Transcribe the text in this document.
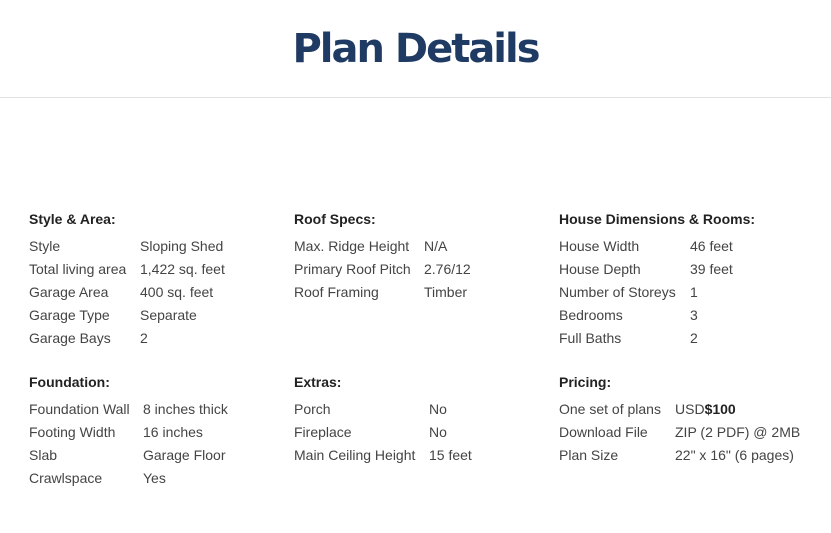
Plan Details
Style & Area:
Style	Sloping Shed
Total living area	1,422 sq. feet
Garage Area	400 sq. feet
Garage Type	Separate
Garage Bays	2
Roof Specs:
Max. Ridge Height	N/A
Primary Roof Pitch	2.76/12
Roof Framing	Timber
House Dimensions & Rooms:
House Width	46 feet
House Depth	39 feet
Number of Storeys	1
Bedrooms	3
Full Baths	2
Foundation:
Foundation Wall	8 inches thick
Footing Width	16 inches
Slab	Garage Floor
Crawlspace	Yes
Extras:
Porch	No
Fireplace	No
Main Ceiling Height	15 feet
Pricing:
One set of plans	USD$100
Download File	ZIP (2 PDF) @ 2MB
Plan Size	22" x 16" (6 pages)
